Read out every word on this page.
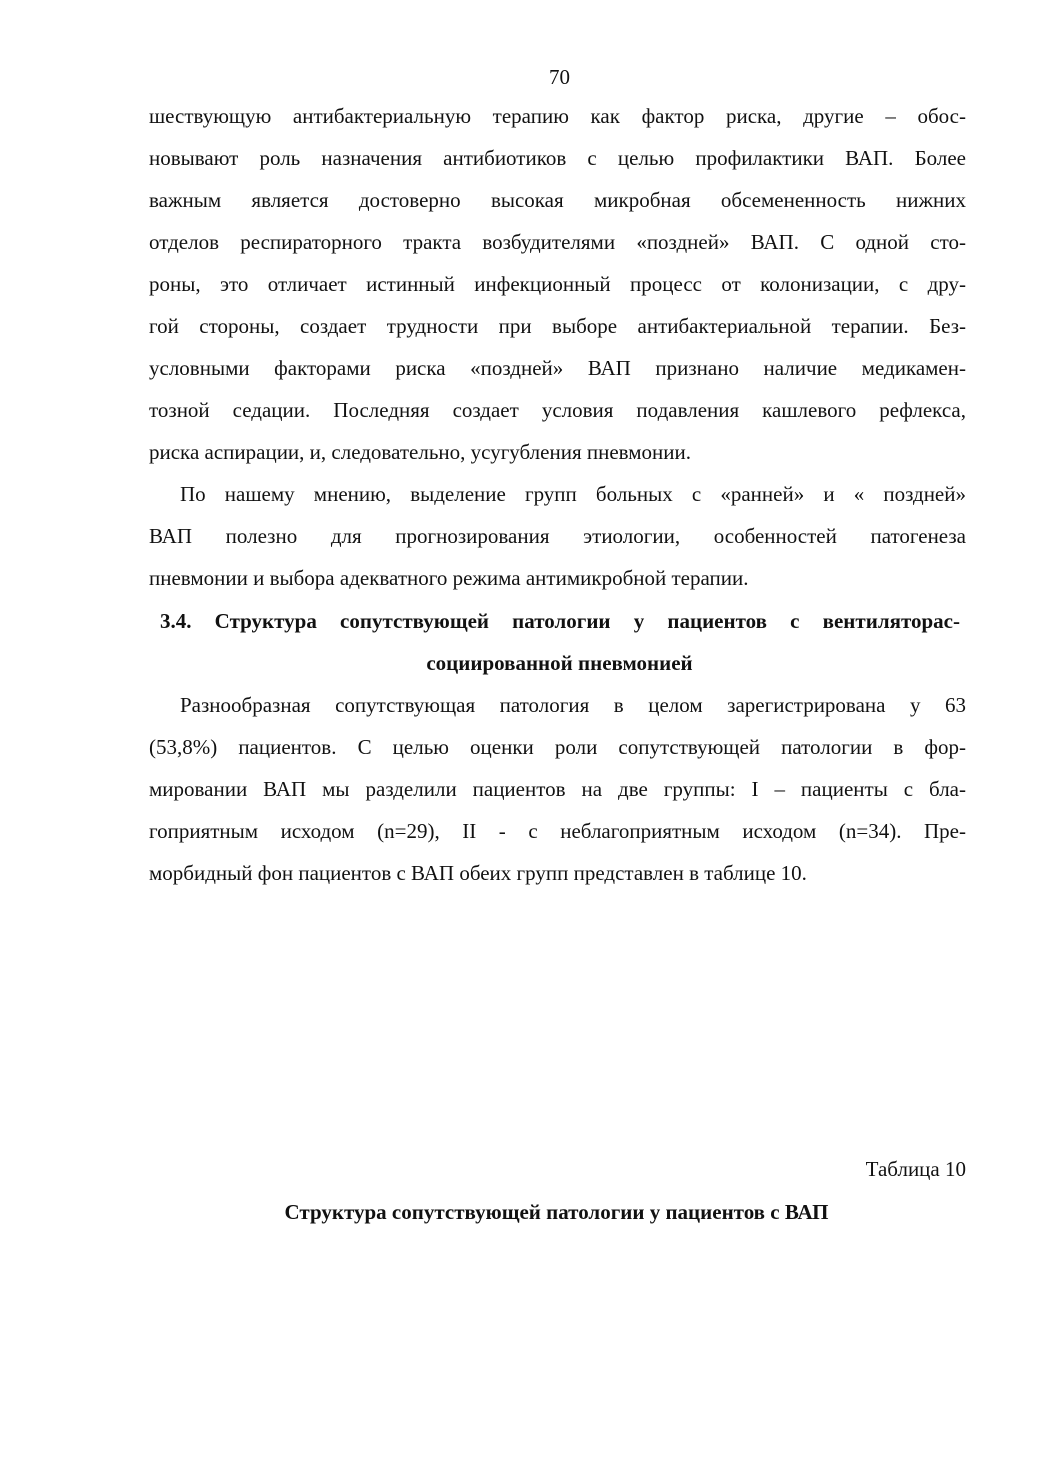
70
шествующую антибактериальную терапию как фактор риска, другие – обос-
новывают роль назначения антибиотиков с целью профилактики ВАП. Более
важным является достоверно высокая микробная обсемененность нижних
отделов респираторного тракта возбудителями «поздней» ВАП. С одной сто-
роны, это отличает истинный инфекционный процесс от колонизации, с дру-
гой стороны, создает трудности при выборе антибактериальной терапии. Без-
условными факторами риска «поздней» ВАП признано наличие медикамен-
тозной седации. Последняя создает условия подавления кашлевого рефлекса,
риска аспирации, и, следовательно, усугубления пневмонии.
По нашему мнению, выделение групп больных с «ранней» и « поздней»
ВАП полезно для прогнозирования этиологии, особенностей патогенеза
пневмонии и выбора адекватного режима антимикробной терапии.
3.4. Структура сопутствующей патологии у пациентов с вентилятораc-
социированной пневмонией
Разнообразная сопутствующая патология в целом зарегистрирована у 63
(53,8%) пациентов. С целью оценки роли сопутствующей патологии в фор-
мировании ВАП мы разделили пациентов на две группы: I – пациенты с бла-
гоприятным исходом (n=29), II - с неблагоприятным исходом (n=34). Пре-
морбидный фон пациентов с ВАП обеих групп представлен в таблице 10.
Таблица 10
Структура сопутствующей патологии у пациентов с ВАП
